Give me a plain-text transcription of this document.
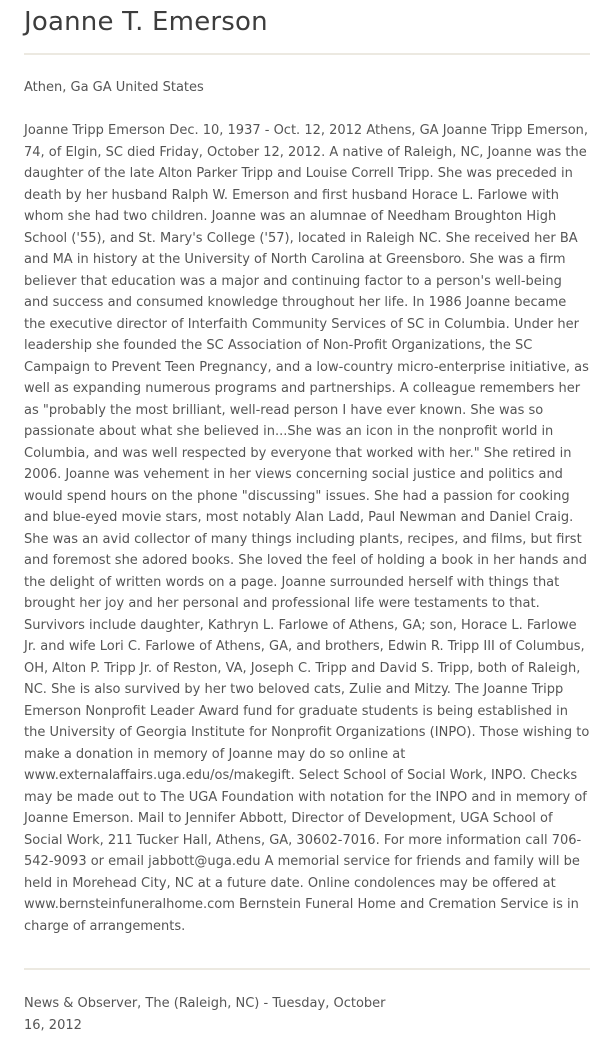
Joanne T. Emerson
Athen, Ga GA United States
Joanne Tripp Emerson Dec. 10, 1937 - Oct. 12, 2012 Athens, GA Joanne Tripp Emerson, 74, of Elgin, SC died Friday, October 12, 2012. A native of Raleigh, NC, Joanne was the daughter of the late Alton Parker Tripp and Louise Correll Tripp. She was preceded in death by her husband Ralph W. Emerson and first husband Horace L. Farlowe with whom she had two children. Joanne was an alumnae of Needham Broughton High School ('55), and St. Mary's College ('57), located in Raleigh NC. She received her BA and MA in history at the University of North Carolina at Greensboro. She was a firm believer that education was a major and continuing factor to a person's well-being and success and consumed knowledge throughout her life. In 1986 Joanne became the executive director of Interfaith Community Services of SC in Columbia. Under her leadership she founded the SC Association of Non-Profit Organizations, the SC Campaign to Prevent Teen Pregnancy, and a low-country micro-enterprise initiative, as well as expanding numerous programs and partnerships. A colleague remembers her as "probably the most brilliant, well-read person I have ever known. She was so passionate about what she believed in...She was an icon in the nonprofit world in Columbia, and was well respected by everyone that worked with her." She retired in 2006. Joanne was vehement in her views concerning social justice and politics and would spend hours on the phone "discussing" issues. She had a passion for cooking and blue-eyed movie stars, most notably Alan Ladd, Paul Newman and Daniel Craig. She was an avid collector of many things including plants, recipes, and films, but first and foremost she adored books. She loved the feel of holding a book in her hands and the delight of written words on a page. Joanne surrounded herself with things that brought her joy and her personal and professional life were testaments to that. Survivors include daughter, Kathryn L. Farlowe of Athens, GA; son, Horace L. Farlowe Jr. and wife Lori C. Farlowe of Athens, GA, and brothers, Edwin R. Tripp III of Columbus, OH, Alton P. Tripp Jr. of Reston, VA, Joseph C. Tripp and David S. Tripp, both of Raleigh, NC. She is also survived by her two beloved cats, Zulie and Mitzy. The Joanne Tripp Emerson Nonprofit Leader Award fund for graduate students is being established in the University of Georgia Institute for Nonprofit Organizations (INPO). Those wishing to make a donation in memory of Joanne may do so online at www.externalaffairs.uga.edu/os/makegift. Select School of Social Work, INPO. Checks may be made out to The UGA Foundation with notation for the INPO and in memory of Joanne Emerson. Mail to Jennifer Abbott, Director of Development, UGA School of Social Work, 211 Tucker Hall, Athens, GA, 30602-7016. For more information call 706-542-9093 or email jabbott@uga.edu A memorial service for friends and family will be held in Morehead City, NC at a future date. Online condolences may be offered at www.bernsteinfuneralhome.com Bernstein Funeral Home and Cremation Service is in charge of arrangements.
News & Observer, The (Raleigh, NC) - Tuesday, October
16, 2012
